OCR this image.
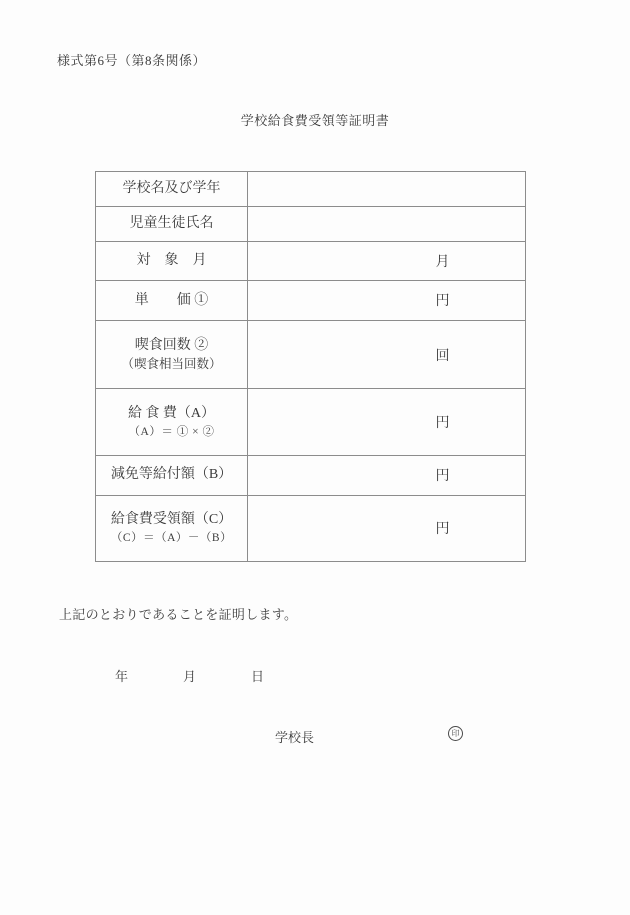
様式第6号（第8条関係）
学校給食費受領等証明書
学校名及び学年	

児童生徒氏名	

対　象　月	月

単　　価 ①	円

喫食回数 ②
（喫食相当回数）	回

給 食 費（A）
（A）＝ ① × ②	円

減免等給付額（B）	円

給食費受領額（C）
（C）＝（A）－（B）	円
上記のとおりであることを証明します。
年	月	日
学校長	印
